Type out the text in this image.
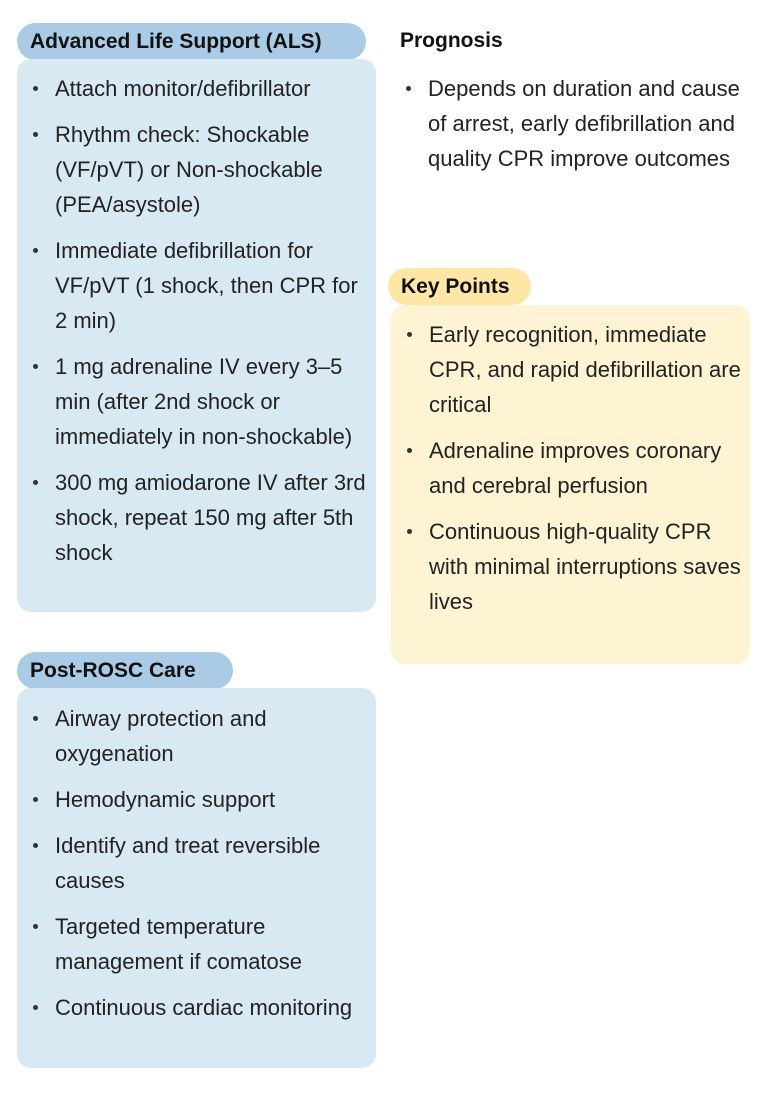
Advanced Life Support (ALS)
Attach monitor/defibrillator
Rhythm check: Shockable (VF/pVT) or Non-shockable (PEA/asystole)
Immediate defibrillation for VF/pVT (1 shock, then CPR for 2 min)
1 mg adrenaline IV every 3–5 min (after 2nd shock or immediately in non-shockable)
300 mg amiodarone IV after 3rd shock, repeat 150 mg after 5th shock
Post-ROSC Care
Airway protection and oxygenation
Hemodynamic support
Identify and treat reversible causes
Targeted temperature management if comatose
Continuous cardiac monitoring
Prognosis
Depends on duration and cause of arrest, early defibrillation and quality CPR improve outcomes
Key Points
Early recognition, immediate CPR, and rapid defibrillation are critical
Adrenaline improves coronary and cerebral perfusion
Continuous high-quality CPR with minimal interruptions saves lives
